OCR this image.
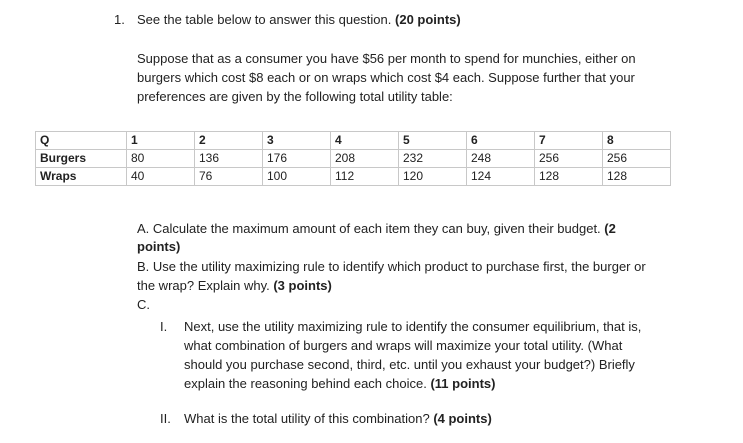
1. See the table below to answer this question. (20 points)
Suppose that as a consumer you have $56 per month to spend for munchies, either on
burgers which cost $8 each or on wraps which cost $4 each. Suppose further that your
preferences are given by the following total utility table:
Q	1	2	3	4	5	6	7	8
Burgers	80	136	176	208	232	248	256	256
Wraps	40	76	100	112	120	124	128	128
A. Calculate the maximum amount of each item they can buy, given their budget. (2
points)
B. Use the utility maximizing rule to identify which product to purchase first, the burger or
the wrap? Explain why. (3 points)
C.
I. Next, use the utility maximizing rule to identify the consumer equilibrium, that is,
what combination of burgers and wraps will maximize your total utility. (What
should you purchase second, third, etc. until you exhaust your budget?) Briefly
explain the reasoning behind each choice. (11 points)
II. What is the total utility of this combination? (4 points)
